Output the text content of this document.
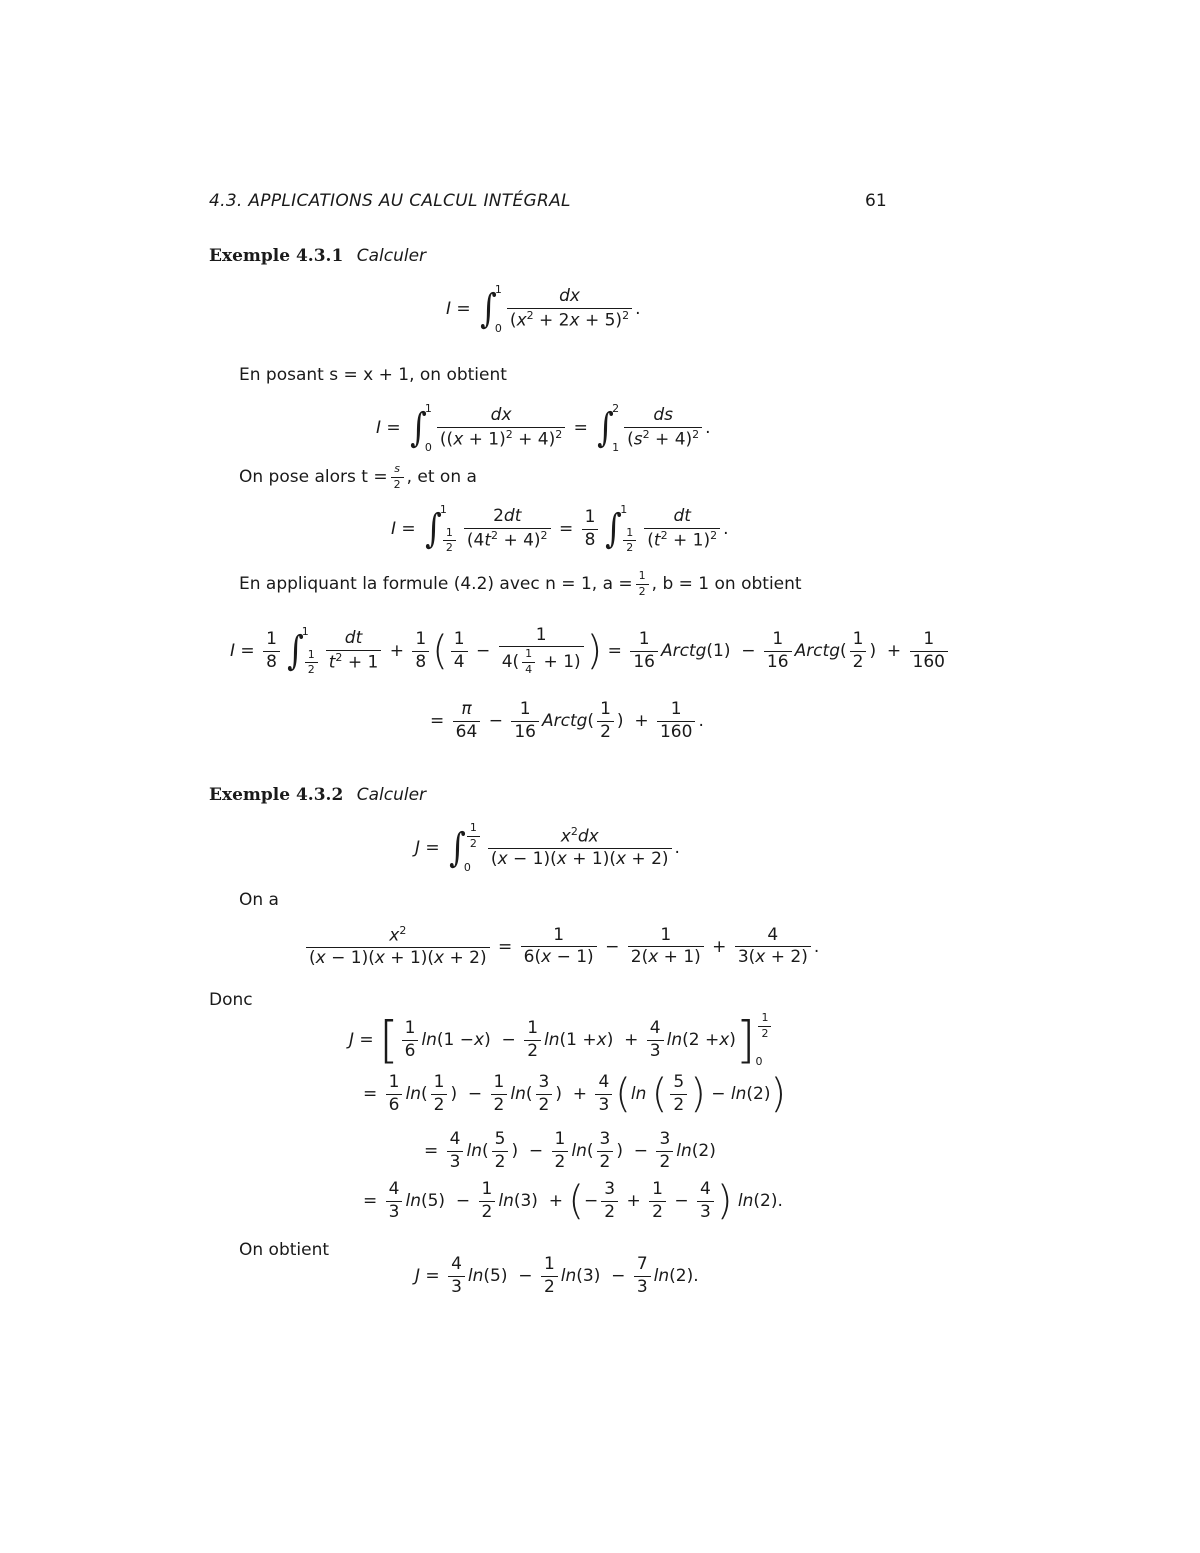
4.3. APPLICATIONS AU CALCUL INTÉGRAL	61
Exemple 4.3.1 Calculer
I = ∫
1
0
dx
$(x^2 + 2x + 5)^2$ .
En posant s = x + 1, on obtient
I = ∫
1
0
dx
$((x + 1)^2 + 4)^2$ = ∫
2
1
ds
$(s^2 + 4)^2$ .
On pose alors $t = \frac{s}{2}$ , et on a
I = ∫
1
$\frac{1}{2}$
2dt
$(4t^2 + 4)^2$ =
1
8 ∫
1
$\frac{1}{2}$
dt
$(t^2 + 1)^2$ .
En appliquant la formule (4.2) avec n = 1, $a = \frac{1}{2}$ , b = 1 on obtient
I =
1
8 ∫
1
$\frac{1}{2}$
dt
$t^2 + 1$
+
1
8 ( 1
4
−
1
$4( \frac{1}{4} + 1)$ ) =
1
16
Arctg (1)  −
1
16
Arctg (
1
2
)  +
1
160
=
π
64
−
1
16
Arctg (
1
2
)  +
1
160
.
Exemple 4.3.2 Calculer
J = ∫ $\frac{1}{2}$
0
$x^2dx$
(x − 1)(x + 1)(x + 2)
.
On a
$x^2$
(x − 1)(x + 1)(x + 2)
=
1
6(x − 1)
−
1
2(x + 1)
+
4
3(x + 2)
.
Donc
J = [ 1
6
ln (1 − x )  −
1
2
ln (1 + x )  +
4
3
ln (2 + x ) ] 1
2
0
=
1
6
ln (
1
2
)  −
1
2
ln (
3
2
)  +
4
3 ( ln
( 5
2 ) − ln (2) )
=
4
3
ln (
5
2
)  −
1
2
ln (
3
2
)  −
3
2
ln (2)
=
4
3
ln (5)  −
1
2
ln (3)  + ( −
3
2
+
1
2
−
4
3 )
ln (2).
On obtient
J =
4
3
ln (5)  −
1
2
ln (3)  −
7
3
ln (2).
